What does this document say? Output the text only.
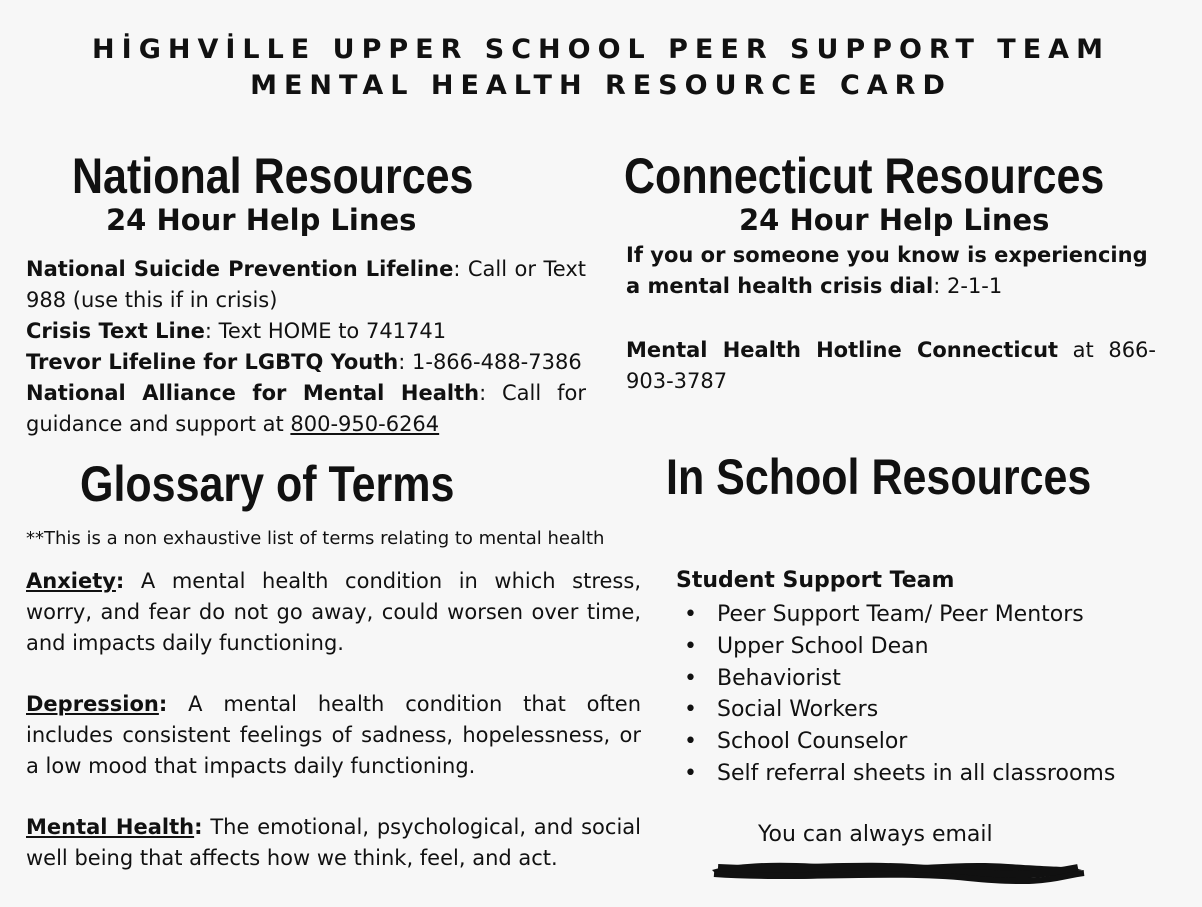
HİGHVİLLE UPPER SCHOOL PEER SUPPORT TEAM
MENTAL HEALTH RESOURCE CARD
National Resources
24 Hour Help Lines
National Suicide Prevention Lifeline: Call or Text 988 (use this if in crisis)
Crisis Text Line: Text HOME to 741741
Trevor Lifeline for LGBTQ Youth: 1-866-488-7386
National Alliance for Mental Health: Call for guidance and support at 800-950-6264
Connecticut Resources
24 Hour Help Lines
If you or someone you know is experiencing a mental health crisis dial: 2-1-1
Mental Health Hotline Connecticut at 866-903-3787
Glossary of Terms
**This is a non exhaustive list of terms relating to mental health
Anxiety: A mental health condition in which stress, worry, and fear do not go away, could worsen over time, and impacts daily functioning.
Depression: A mental health condition that often includes consistent feelings of sadness, hopelessness, or a low mood that impacts daily functioning.
Mental Health: The emotional, psychological, and social well being that affects how we think, feel, and act.
In School Resources
Student Support Team
• Peer Support Team/ Peer Mentors
• Upper School Dean
• Behaviorist
• Social Workers
• School Counselor
• Self referral sheets in all classrooms
You can always email
